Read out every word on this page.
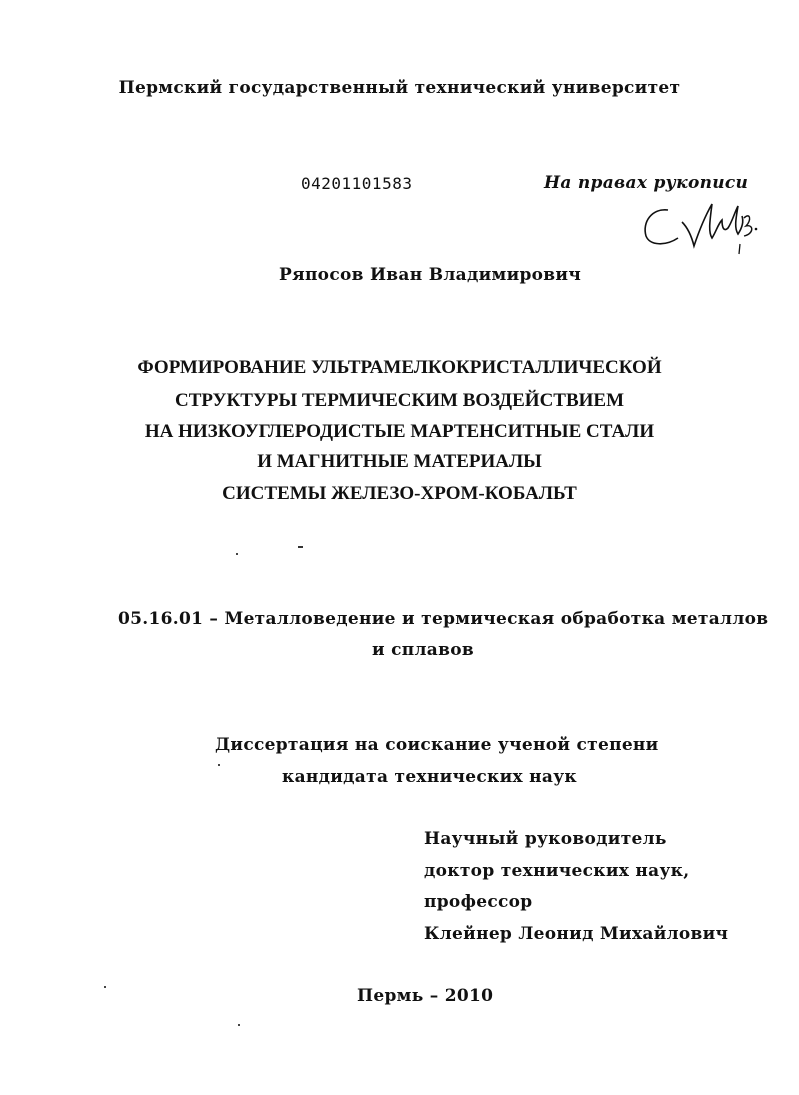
Пермский государственный технический университет
04201101583	На правах рукописи
Ряпосов Иван Владимирович
ФОРМИРОВАНИЕ УЛЬТРАМЕЛКОКРИСТАЛЛИЧЕСКОЙ
СТРУКТУРЫ ТЕРМИЧЕСКИМ ВОЗДЕЙСТВИЕМ
НА НИЗКОУГЛЕРОДИСТЫЕ МАРТЕНСИТНЫЕ СТАЛИ
И МАГНИТНЫЕ МАТЕРИАЛЫ
СИСТЕМЫ ЖЕЛЕЗО-ХРОМ-КОБАЛЬТ
05.16.01 – Металловедение и термическая обработка металлов
и сплавов
Диссертация на соискание ученой степени
кандидата технических наук
Научный руководитель
доктор технических наук,
профессор
Клейнер Леонид Михайлович
Пермь – 2010
